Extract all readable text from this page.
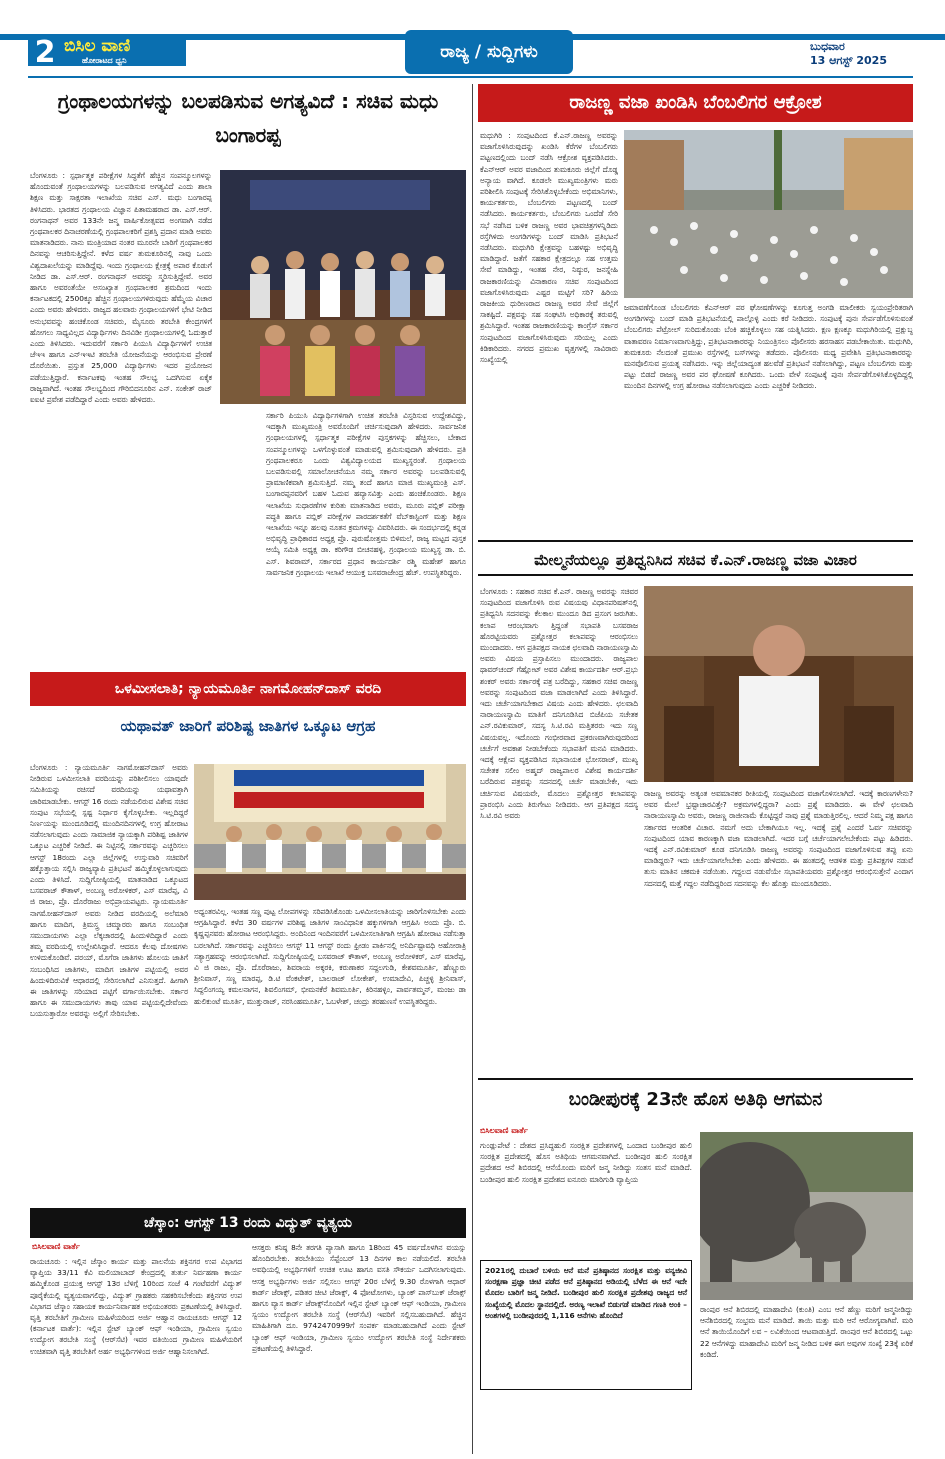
2 ಬಿಸಿಲ ವಾಣಿ
ಹೋರಾಟದ ಧ್ವನಿ	ರಾಜ್ಯ / ಸುದ್ದಿಗಳು	ಬುಧವಾರ
13 ಆಗಸ್ಟ್ 2025
ಗ್ರಂಥಾಲಯಗಳನ್ನು ಬಲಪಡಿಸುವ ಅಗತ್ಯವಿದೆ : ಸಚಿವ ಮಧು ಬಂಗಾರಪ್ಪ
ಬೆಂಗಳೂರು : ಸ್ಪರ್ಧಾತ್ಮಕ ಪರೀಕ್ಷೆಗಳ ಸಿದ್ಧತೆಗೆ ಹೆಚ್ಚಿನ ಸಂಪನ್ಮೂಲಗಳನ್ನು ಹೊಂದುವಂತೆ ಗ್ರಂಥಾಲಯಗಳನ್ನು ಬಲಪಡಿಸುವ ಅಗತ್ಯವಿದೆ ಎಂದು ಶಾಲಾ ಶಿಕ್ಷಣ ಮತ್ತು ಸಾಕ್ಷರತಾ ಇಲಾಖೆಯ ಸಚಿವ ಎಸ್. ಮಧು ಬಂಗಾರಪ್ಪ ತಿಳಿಸಿದರು. ಭಾರತದ ಗ್ರಂಥಾಲಯ ವಿಜ್ಞಾನ ಪಿತಾಮಹರಾದ ಡಾ. ಎಸ್.ಆರ್. ರಂಗನಾಥನ್ ಅವರ 133ನೇ ಜನ್ಮ ವಾರ್ಷಿಕೋತ್ಸವದ ಅಂಗವಾಗಿ ನಡೆದ ಗ್ರಂಥಪಾಲಕರ ದಿನಾಚರಣೆಯಲ್ಲಿ ಗ್ರಂಥಪಾಲಕರಿಗೆ ಪ್ರಶಸ್ತಿ ಪ್ರದಾನ ಮಾಡಿ ಅವರು ಮಾತನಾಡಿದರು. ನಾನು ಮಂತ್ರಿಯಾದ ನಂತರ ಮೂರನೇ ಬಾರಿಗೆ ಗ್ರಂಥಪಾಲಕರ ದಿನವನ್ನು ಆಚರಿಸುತ್ತಿದ್ದೇನೆ. ಕಳೆದ ವರ್ಷ ತುಮಕೂರಿನಲ್ಲಿ ನಾವು ಒಂದು ವಿಶ್ವದಾಖಲೆಯನ್ನು ಮಾಡಿದ್ದೆವು. ಇಂದು ಗ್ರಂಥಾಲಯ ಕ್ಷೇತ್ರಕ್ಕೆ ಅಪಾರ ಕೊಡುಗೆ ನೀಡಿದ ಡಾ. ಎಸ್.ಆರ್. ರಂಗನಾಥನ್ ಅವರನ್ನು ಸ್ಮರಿಸುತ್ತಿದ್ದೇವೆ. ಅವರ ಹಾಗೂ ಅವರಂತೆಯೇ ಅಸಂಖ್ಯಾತ ಗ್ರಂಥಪಾಲಕರ ಶ್ರಮದಿಂದ ಇಂದು ಕರ್ನಾಟಕದಲ್ಲಿ 2500ಕ್ಕೂ ಹೆಚ್ಚಿನ ಗ್ರಂಥಾಲಯಗಳಿರುವುದು ಹೆಮ್ಮೆಯ ವಿಚಾರ ಎಂದು ಅವರು ಹೇಳಿದರು. ರಾಜ್ಯದ ಹಲವಾರು ಗ್ರಂಥಾಲಯಗಳಿಗೆ ಭೇಟಿ ನೀಡಿದ ಅನುಭವವನ್ನು ಹಂಚಿಕೊಂಡ ಸಚಿವರು, ಮೈಸೂರು ತರಬೇತಿ ಕೇಂದ್ರಗಳಿಗೆ ಹೋಗಲು ಸಾಧ್ಯವಿಲ್ಲದ ವಿದ್ಯಾರ್ಥಿಗಳು ದಿನವಿಡೀ ಗ್ರಂಥಾಲಯಗಳಲ್ಲಿ ಓದುತ್ತಾರೆ ಎಂದು ತಿಳಿಸಿದರು. ಇದುವರೆಗೆ ಸರ್ಕಾರಿ ಪಿಯುಸಿ ವಿದ್ಯಾರ್ಥಿಗಳಿಗೆ ಉಚಿತ ಜೆಇಇ ಹಾಗೂ ಎನ್‌ಇಇಟಿ ತರಬೇತಿ ಯೋಜನೆಯನ್ನು ಆರಂಭಿಸುವ ಪ್ರೇರಣೆ ದೊರೆಯಿತು. ಪ್ರಸ್ತುತ 25,000 ವಿದ್ಯಾರ್ಥಿಗಳು ಇದರ ಪ್ರಯೋಜನ ಪಡೆಯುತ್ತಿದ್ದಾರೆ. ಕರ್ನಾಟಕವು ಇಂತಹ ಸೌಲಭ್ಯ ಒದಗಿಸುವ ಏಕೈಕ ರಾಜ್ಯವಾಗಿದೆ. ಇಂತಹ ಸೌಲಭ್ಯದಿಂದ ಗೌರಿಬಿದನೂರಿನ ಎನ್. ಸಂಕೇತ್ ರಾಜ್ ಐಐಟಿ ಪ್ರವೇಶ ಪಡೆದಿದ್ದಾರೆ ಎಂದು ಅವರು ಹೇಳಿದರು.
ಸರ್ಕಾರಿ ಪಿಯುಸಿ ವಿದ್ಯಾರ್ಥಿಗಳಿಗಾಗಿ ಉಚಿತ ತರಬೇತಿ ವಿಸ್ತರಿಸುವ ಉದ್ದೇಶವಿದ್ದು, ಇದಕ್ಕಾಗಿ ಮುಖ್ಯಮಂತ್ರಿ ಅವರೊಂದಿಗೆ ಚರ್ಚಿಸುವುದಾಗಿ ಹೇಳಿದರು. ಸಾರ್ವಜನಿಕ ಗ್ರಂಥಾಲಯಗಳಲ್ಲಿ ಸ್ಪರ್ಧಾತ್ಮಕ ಪರೀಕ್ಷೆಗಳ ಪುಸ್ತಕಗಳನ್ನು ಹೆಚ್ಚಿಸಲು, ಬೇಕಾದ ಸಂಪನ್ಮೂಲಗಳನ್ನು ಒಳಗೊಳ್ಳುವಂತೆ ಮಾಡುವಲ್ಲಿ ಶ್ರಮಿಸುವುದಾಗಿ ಹೇಳಿದರು. ಪ್ರತಿ ಗ್ರಂಥಪಾಲಕರೂ ಒಂದು ವಿಶ್ವವಿದ್ಯಾಲಯದ ಮುಖ್ಯಸ್ಥರಂತೆ. ಗ್ರಂಥಾಲಯ ಬಲಪಡಿಸುವಲ್ಲಿ ಸಮಾಲೋಚನೆಯೂ ನಮ್ಮ ಸರ್ಕಾರ ಅವರನ್ನು ಬಲಪಡಿಸುವಲ್ಲಿ ಪ್ರಾಮಾಣಿಕವಾಗಿ ಶ್ರಮಿಸುತ್ತಿದೆ. ನಮ್ಮ ತಂದೆ ಹಾಗೂ ಮಾಜಿ ಮುಖ್ಯಮಂತ್ರಿ ಎಸ್. ಬಂಗಾರಪ್ಪನವರಿಗೆ ಬಹಳ ಓದುವ ಹವ್ಯಾಸವಿತ್ತು ಎಂದು ಹಂಚಿಕೊಂಡರು. ಶಿಕ್ಷಣ ಇಲಾಖೆಯ ಸುಧಾರಣೆಗಳ ಕುರಿತು ಮಾತನಾಡಿದ ಅವರು, ಮೂರು ಪಬ್ಲಿಕ್ ಪರೀಕ್ಷಾ ಪದ್ಧತಿ ಹಾಗೂ ಪಬ್ಲಿಕ್ ಪರೀಕ್ಷೆಗಳ ಪಾರದರ್ಶಕತೆಗೆ ವೆಬ್‌ಕಾಸ್ಟಿಂಗ್ ಮತ್ತು ಶಿಕ್ಷಣ ಇಲಾಖೆಯ ಇನ್ನೂ ಹಲವು ನೂತನ ಕ್ರಮಗಳನ್ನು ವಿವರಿಸಿದರು. ಈ ಸಂದರ್ಭದಲ್ಲಿ ಕನ್ನಡ ಅಭಿವೃದ್ಧಿ ಪ್ರಾಧಿಕಾರದ ಅಧ್ಯಕ್ಷ ಪ್ರೊ. ಪುರುಷೋತ್ತಮ ಬಿಳಿಮಲೆ, ರಾಜ್ಯ ಮಟ್ಟದ ಪುಸ್ತಕ ಆಯ್ಕೆ ಸಮಿತಿ ಅಧ್ಯಕ್ಷ ಡಾ. ಕರಿಗೌಡ ಬೀಚನಹಳ್ಳಿ, ಗ್ರಂಥಾಲಯ ಮುಖ್ಯಸ್ಥ ಡಾ. ಬಿ. ಎಸ್. ಶಿವರಾಮ್, ಸರ್ಕಾರದ ಪ್ರಧಾನ ಕಾರ್ಯದರ್ಶಿ ರಶ್ಮಿ ಮಹೇಶ್ ಹಾಗೂ ಸಾರ್ವಜನಿಕ ಗ್ರಂಥಾಲಯ ಇಲಾಖೆ ಆಯುಕ್ತ ಬಸವರಾಜೇಂದ್ರ ಹೆಚ್. ಉಪಸ್ಥಿತರಿದ್ದರು.
ರಾಜಣ್ಣ ವಜಾ ಖಂಡಿಸಿ ಬೆಂಬಲಿಗರ ಆಕ್ರೋಶ
ಮಧುಗಿರಿ : ಸಂಪುಟದಿಂದ ಕೆ.ಎನ್.ರಾಜಣ್ಣ ಅವರನ್ನು ವಜಾಗೊಳಿಸಿರುವುದನ್ನು ಖಂಡಿಸಿ ಕೆರೆಗಳ ಬೆಂಬಲಿಗರು ಪಟ್ಟಣದಲ್ಲಿಂದು ಬಂದ್ ನಡೆಸಿ ಆಕ್ರೋಶ ವ್ಯಕ್ತಪಡಿಸಿದರು. ಕೆಎನ್‌ಆರ್ ಅವರ ವಜಾದಿಂದ ತುಮಕೂರು ಜಿಲ್ಲೆಗೆ ದೊಡ್ಡ ಅನ್ಯಾಯ ವಾಗಿದೆ. ಕೂಡಲೇ ಮುಖ್ಯಮಂತ್ರಿಗಳು ಮರು ಪರಿಶೀಲಿಸಿ ಸಂಪುಟಕ್ಕೆ ಸೇರಿಸಿಕೊಳ್ಳಬೇಕೆಂದು ಅಭಿಮಾನಿಗಳು, ಕಾರ್ಯಕರ್ತರು, ಬೆಂಬಲಿಗರು ಪಟ್ಟಣದಲ್ಲಿ ಬಂದ್ ನಡೆಸಿದರು. ಕಾರ್ಯಕರ್ತರು, ಬೆಂಬಲಿಗರು ಒಂದೆಡೆ ಸೇರಿ ಸಭೆ ನಡೆಸಿದ ಬಳಿಕ ರಾಜಣ್ಣ ಅವರ ಭಾವಚಿತ್ರಗಳನ್ನಿಡಿದು ರಸ್ತೆಗಿಳಿದು ಅಂಗಡಿಗಳನ್ನು ಬಂದ್ ಮಾಡಿಸಿ ಪ್ರತಿಭಟನೆ ನಡೆಸಿದರು. ಮಧುಗಿರಿ ಕ್ಷೇತ್ರವನ್ನು ಬಹಳಷ್ಟು ಅಭಿವೃದ್ಧಿ ಮಾಡಿದ್ದಾರೆ. ಜತೆಗೆ ಸಹಕಾರ ಕ್ಷೇತ್ರದಲ್ಲೂ ಸಹ ಉತ್ತಮ ಸೇವೆ ಮಾಡಿದ್ದು, ಇಂತಹ ನೇರ, ನಿಷ್ಠುರ, ಜನಸ್ನೇಹಿ ರಾಜಕಾರಣಿಯನ್ನು ವಿನಾಕಾರಣ ಸಚಿವ ಸಂಪುಟದಿಂದ ವಜಾಗೊಳಿಸಿರುವುದು ಎಷ್ಟರ ಮಟ್ಟಿಗೆ ಸರಿ? ಹಿರಿಯ ರಾಜಕೀಯ ಧುರೀಣರಾದ ರಾಜಣ್ಣ ಅವರ ಸೇವೆ ಜಿಲ್ಲೆಗೆ ಸಾಕಷ್ಟಿದೆ. ಪಕ್ಷವನ್ನು ಸಹ ಸಂಘಟಿಸಿ ಅಧಿಕಾರಕ್ಕೆ ತರುವಲ್ಲಿ ಶ್ರಮಿಸಿದ್ದಾರೆ. ಇಂತಹ ರಾಜಕಾರಣಿಯನ್ನು ಕಾಂಗ್ರೆಸ್ ಸರ್ಕಾರ ಸಂಪುಟದಿಂದ ವಜಾಗೊಳಿಸಿರುವುದು ಸರಿಯಲ್ಲ ಎಂದು ಕಿಡಿಕಾರಿದರು. ನಗರದ ಪ್ರಮುಖ ವೃತ್ತಗಳಲ್ಲಿ ಸಾವಿರಾರು ಸಂಖ್ಯೆಯಲ್ಲಿ
ಜಮಾವಣೆಗೊಂಡ ಬೆಂಬಲಿಗರು ಕೆಎನ್‌ಆರ್ ಪರ ಘೋಷಣೆಗಳನ್ನು ಕೂಗುತ್ತ ಅಂಗಡಿ ಮಾಲೀಕರು ಸ್ವಯಂಪ್ರೇರಿತರಾಗಿ ಅಂಗಡಿಗಳನ್ನು ಬಂದ್ ಮಾಡಿ ಪ್ರತಿಭಟನೆಯಲ್ಲಿ ಪಾಲ್ಗೊಳ್ಳಿ ಎಂದು ಕರೆ ನೀಡಿದರು. ಸಂಪುಟಕ್ಕೆ ಪುನಃ ಸೇರ್ಪಡೆಗೊಳಿಸುವಂತೆ ಬೆಂಬಲಿಗರು ಪೆಟ್ರೋಲ್ ಸುರಿದುಕೊಂಡು ಬೆಂಕಿ ಹಚ್ಚಿಕೊಳ್ಳಲು ಸಹ ಯತ್ನಿಸಿದರು. ಕ್ಷಣ ಕ್ಷಣಕ್ಕೂ ಮಧುಗಿರಿಯಲ್ಲಿ ಪ್ರಕ್ಷುಬ್ಧ ವಾತಾವರಣ ನಿರ್ಮಾಣವಾಗುತ್ತಿದ್ದು, ಪ್ರತಿಭಟನಾಕಾರರನ್ನು ನಿಯಂತ್ರಿಸಲು ಪೊಲೀಸರು ಹರಸಾಹಸ ಪಡಬೇಕಾಯಿತು. ಮಧುಗಿರಿ, ತುಮಕೂರು ನೆಲದಂತೆ ಪ್ರಮುಖ ರಸ್ತೆಗಳಲ್ಲಿ ಬಸ್‌ಗಳನ್ನು ತಡೆದರು. ಪೊಲೀಸರು ಮಧ್ಯ ಪ್ರವೇಶಿಸಿ ಪ್ರತಿಭಟನಾಕಾರರನ್ನು ಮನವೊಲಿಸುವ ಪ್ರಯತ್ನ ನಡೆಸಿದರು. ಇನ್ನು ಜಿಲ್ಲೆಯಾದ್ಯಂತ ಹಲವೆಡೆ ಪ್ರತಿಭಟನೆ ನಡೆಸಲಾಗಿದ್ದು, ಪಟ್ಟಣ ಬೆಂಬಲಿಗರು ಮತ್ತು ಪಟ್ಟು ಬಿಡದೆ ರಾಜಣ್ಣ ಅವರ ಪರ ಘೋಷಣೆ ಕೂಗಿದರು. ಒಂದು ವೇಳೆ ಸಂಪುಟಕ್ಕೆ ಪುನಃ ಸೇರ್ಪಡೆಗೊಳಿಸಿಕೊಳ್ಳದಿದ್ದಲ್ಲಿ ಮುಂದಿನ ದಿನಗಳಲ್ಲಿ ಉಗ್ರ ಹೋರಾಟ ನಡೆಸಲಾಗುವುದು ಎಂದು ಎಚ್ಚರಿಕೆ ನೀಡಿದರು.
ಮೇಲ್ಮನೆಯಲ್ಲೂ ಪ್ರತಿಧ್ವನಿಸಿದ ಸಚಿವ ಕೆ.ಎನ್.ರಾಜಣ್ಣ ವಜಾ ವಿಚಾರ
ಬೆಂಗಳೂರು : ಸಹಕಾರ ಸಚಿವ ಕೆ.ಎನ್. ರಾಜಣ್ಣ ಅವರನ್ನು ಸಚಿವರ ಸಂಪುಟದಿಂದ ವಜಾಗೊಳಿಸಿ ರುವ ವಿಷಯವು ವಿಧಾನಪರಿಷತ್‌ನಲ್ಲಿ ಪ್ರತಿಧ್ವನಿಸಿ ಸದನವನ್ನು ಕೆಲಕಾಲ ಮುಂದೂ ಡಿದ ಪ್ರಸಂಗ ಜರುಗಿತು. ಕಲಾಪ ಆರಂಭವಾಗು ತ್ತಿದ್ದಂತೆ ಸಭಾಪತಿ ಬಸವರಾಜ ಹೊರಟ್ಟಿಯವರು ಪ್ರಶ್ನೋತ್ತರ ಕಲಾಪವನ್ನು ಆರಂಭಿಸಲು ಮುಂದಾದರು. ಆಗ ಪ್ರತಿಪಕ್ಷದ ನಾಯಕ ಛಲವಾದಿ ನಾರಾಯಣಸ್ವಾಮಿ ಅವರು ವಿಷಯ ಪ್ರಸ್ತಾಪಿಸಲು ಮುಂದಾದರು. ರಾಜ್ಯಪಾಲ ಥಾವರ್‌ಚಂದ್ ಗೆಹ್ಲೋಟ್ ಅವರ ವಿಶೇಷ ಕಾರ್ಯದರ್ಶಿ ಆರ್.ಪ್ರಭು ಶಂಕರ್ ಅವರು ಸರ್ಕಾರಕ್ಕೆ ಪತ್ರ ಬರೆದಿದ್ದು, ಸಹಕಾರ ಸಚಿವ ರಾಜಣ್ಣ ಅವರನ್ನು ಸಂಪುಟದಿಂದ ವಜಾ ಮಾಡಲಾಗಿದೆ ಎಂದು ತಿಳಿಸಿದ್ದಾರೆ. ಇದು ಚರ್ಚೆಯಾಗಬೇಕಾದ ವಿಷಯ ಎಂದು ಹೇಳಿದರು. ಛಲವಾದಿ ನಾರಾಯಣಸ್ವಾಮಿ ಮಾತಿಗೆ ದನಿಗೂಡಿಸಿದ ಬಿಜೆಪಿಯ ಸಚೇತಕ ಎನ್.ರವಿಕುಮಾರ್, ಸದಸ್ಯ ಸಿ.ಟಿ.ರವಿ ಮತ್ತಿತರರು ಇದು ಸಣ್ಣ ವಿಷಯವಲ್ಲ. ಇದೊಂದು ಗಂಭೀರವಾದ ಪ್ರಕರಣವಾಗಿರುವುದರಿಂದ ಚರ್ಚೆಗೆ ಅವಕಾಶ ನೀಡಬೇಕೆಂದು ಸಭಾಪತಿಗೆ ಮನವಿ ಮಾಡಿದರು. ಇದಕ್ಕೆ ಆಕ್ಷೇಪ ವ್ಯಕ್ತಪಡಿಸಿದ ಸಭಾನಾಯಕ ಭೋಸರಾಜ್, ಮುಖ್ಯ ಸಚೇತಕ ಸಲೀಂ ಅಹ್ಮದ್ ರಾಜ್ಯಪಾಲರ ವಿಶೇಷ ಕಾರ್ಯದರ್ಶಿ ಬರೆದಿರುವ ಪತ್ರವನ್ನು ಸದನದಲ್ಲಿ ಚರ್ಚೆ ಮಾಡಬೇಕೇ, ಇದು ಚರ್ಚಿಸುವ ವಿಷಯವೇ, ಮೊದಲು ಪ್ರಶ್ನೋತ್ತರ ಕಲಾಪವನ್ನು ಪ್ರಾರಂಭಿಸಿ ಎಂದು ತಿರುಗೇಟು ನೀಡಿದರು. ಆಗ ಪ್ರತಿಪಕ್ಷದ ಸದಸ್ಯ ಸಿ.ಟಿ.ರವಿ ಅವರು
ರಾಜಣ್ಣ ಅವರನ್ನು ಅತ್ಯಂತ ಅವಮಾನಕರ ರೀತಿಯಲ್ಲಿ ಸಂಪುಟದಿಂದ ವಜಾಗೊಳಿಸಲಾಗಿದೆ. ಇದಕ್ಕೆ ಕಾರಣಗಳೇನು? ಅವರ ಮೇಲೆ ಭ್ರಷ್ಟಾಚಾರವಿತ್ತೇ? ಅಕ್ರಮಗಳಲ್ಲಿದ್ದರಾ? ಎಂದು ಪ್ರಶ್ನೆ ಮಾಡಿದರು. ಈ ವೇಳೆ ಛಲವಾದಿ ನಾರಾಯಣಸ್ವಾಮಿ ಅವರು, ರಾಜಣ್ಣ ರಾಜೀನಾಮೆ ಕೊಟ್ಟಿದ್ದರೆ ನಾವು ಪ್ರಶ್ನೆ ಮಾಡುತ್ತಿರಲಿಲ್ಲ. ಆದರೆ ನಿಮ್ಮ ಪಕ್ಷ ಹಾಗೂ ಸರ್ಕಾರದ ಆಂತರಿಕ ವಿಚಾರ. ನಮಗೆ ಅದು ಬೇಕಾಗಿಯೂ ಇಲ್ಲ. ಇದಕ್ಕೆ ಪ್ರಶ್ನೆ ಎಂದರೆ ಓರ್ವ ಸಚಿವರನ್ನು ಸಂಪುಟದಿಂದ ಯಾವ ಕಾರಣಕ್ಕಾಗಿ ವಜಾ ಮಾಡಲಾಗಿದೆ. ಇದರ ಬಗ್ಗೆ ಚರ್ಚೆಯಾಗಲೇಬೇಕೆಂದು ಪಟ್ಟು ಹಿಡಿದರು. ಇದಕ್ಕೆ ಎನ್.ರವಿಕುಮಾರ್ ಕೂಡ ದನಿಗೂಡಿಸಿ ರಾಜಣ್ಣ ಅವರನ್ನು ಸಂಪುಟದಿಂದ ವಜಾಗೊಳಿಸುವ ತಪ್ಪು ಏನು ಮಾಡಿದ್ದರು? ಇದು ಚರ್ಚೆಯಾಗಲೇಬೇಕು ಎಂದು ಹೇಳಿದರು. ಈ ಹಂತದಲ್ಲಿ ಆಡಳಿತ ಮತ್ತು ಪ್ರತಿಪಕ್ಷಗಳ ನಡುವೆ ತುಸು ಮಾತಿನ ಚಕಮಕಿ ನಡೆಯಿತು. ಗದ್ದಲದ ನಡುವೆಯೇ ಸಭಾಪತಿಯವರು ಪ್ರಶ್ನೋತ್ತರ ಆರಂಭಿಸುತ್ತೇನೆ ಎಂದಾಗ ಸದನದಲ್ಲಿ ಮತ್ತೆ ಗದ್ದಲ ನಡೆದಿದ್ದರಿಂದ ಸದನವನ್ನು ಕೆಲ ಹೊತ್ತು ಮುಂದೂಡಿದರು.
ಒಳಮೀಸಲಾತಿ; ನ್ಯಾಯಮೂರ್ತಿ ನಾಗಮೋಹನ್‌ದಾಸ್ ವರದಿ
ಯಥಾವತ್ ಜಾರಿಗೆ ಪರಿಶಿಷ್ಟ ಜಾತಿಗಳ ಒಕ್ಕೂಟ ಆಗ್ರಹ
ಬೆಂಗಳೂರು : ನ್ಯಾಯಮೂರ್ತಿ ನಾಗಮೋಹನ್‌ದಾಸ್ ಅವರು ನೀಡಿರುವ ಒಳಮೀಸಲಾತಿ ವರದಿಯನ್ನು ಪರಿಶೀಲಿಸಲು ಯಾವುದೇ ಸಮಿತಿಯನ್ನು ರಚಿಸದೆ ವರದಿಯನ್ನು ಯಥಾವತ್ತಾಗಿ ಜಾರಿಮಾಡಬೇಕು. ಆಗಸ್ಟ್ 16 ರಂದು ನಡೆಯಲಿರುವ ವಿಶೇಷ ಸಚಿವ ಸಂಪುಟ ಸಭೆಯಲ್ಲಿ ಸ್ಪಷ್ಟ ನಿರ್ಧಾರ ಕೈಗೊಳ್ಳಬೇಕು. ಇಲ್ಲದಿದ್ದರೆ ನಿರ್ಣಯನ್ನು ಮುಂದೂಡಿದಲ್ಲಿ ಮುಂದಿನದಿನಗಳಲ್ಲಿ ಉಗ್ರ ಹೋರಾಟ ನಡೆಸಲಾಗುವುದು ಎಂದು ಸಾಮಾಜಿಕ ನ್ಯಾಯಕ್ಕಾಗಿ ಪರಿಶಿಷ್ಟ ಜಾತಿಗಳ ಒಕ್ಕೂಟ ಎಚ್ಚರಿಕೆ ನೀಡಿದೆ. ಈ ನಿಟ್ಟಿನಲ್ಲಿ ಸರ್ಕಾರವನ್ನು ಎಚ್ಚರಿಸಲು ಆಗಸ್ಟ್ 18ರಂದು ಎಲ್ಲಾ ಜಿಲ್ಲೆಗಳಲ್ಲಿ ಉಸ್ತುವಾರಿ ಸಚಿವರಿಗೆ ಹಕ್ಕೊತ್ತಾಯ ಸಲ್ಲಿಸಿ ರಾಜ್ಯವ್ಯಾಪಿ ಪ್ರತಿಭಟನೆ ಹಮ್ಮಿಕೊಳ್ಳಲಾಗುವುದು ಎಂದು ತಿಳಿಸಿದೆ. ಸುದ್ದಿಗೋಷ್ಠಿಯಲ್ಲಿ ಮಾತನಾಡಿದ ಒಕ್ಕೂಟದ ಬಸವರಾಜ್ ಕೌತಾಳ್, ಅಂಬಣ್ಣ ಅರೋಳಿಕರ್, ಎಸ್ ಮಾರೆಪ್ಪ, ವಿ ಜಿ ರಾಜು, ಪ್ರೊ. ದೊರೆರಾಜು ಅಭಿಪ್ರಾಯಪಟ್ಟರು. ನ್ಯಾಯಮೂರ್ತಿ ನಾಗಮೋಹನ್‌ದಾಸ್ ಅವರು ನೀಡಿದ ವರದಿಯಲ್ಲಿ ಅಲೆಮಾರಿ ಹಾಗೂ ಮಾದಿಗ, ತ್ರಿಮಸ್ತ್ರ ಚಮ್ಮಾರರು ಹಾಗೂ ಸಂಬಂಧಿತ ಸಮುದಾಯಗಳು ಎಲ್ಲಾ ಲೆಕ್ಕಚಾರದಲ್ಲಿ ಹಿಂದುಳಿದಿದ್ದಾರೆ ಎಂದು ತಮ್ಮ ವರದಿಯಲ್ಲಿ ಉಲ್ಲೇಖಿಸಿದ್ದಾರೆ. ಆದರೂ ಕೆಲವು ದೋಷಗಳು ಉಳಿದುಕೊಂಡಿವೆ. ಪರಯ್, ಮೊಗೆರಾ ಜಾತಿಗಳು ಹೊಲಯ ಜಾತಿಗೆ ಸಂಬಂಧಿಸಿದ ಜಾತಿಗಳು, ಮಾದಿಗ ಜಾತಿಗಳ ಪಟ್ಟಿಯಲ್ಲಿ ಅವರ ಹಿಂದುಳಿದಿರುವಿಕೆ ಆಧಾರದಲ್ಲಿ ಸೇರಿಸಲಾಗಿದೆ ಎನಿಸುತ್ತದೆ. ಹೀಗಾಗಿ ಈ ಜಾತಿಗಳನ್ನು ಸರಿಯಾದ ಪಟ್ಟಿಗೆ ವರ್ಗಾಯಿಸಬೇಕು. ಸರ್ಕಾರ ಹಾಗೂ ಈ ಸಮುದಾಯಗಳು ತಾವು ಯಾವ ಪಟ್ಟಿಯಲ್ಲಿದೇವೆಂದು ಬಯಸುತ್ತಾರೋ ಅವರನ್ನು ಅಲ್ಲಿಗೆ ಸೇರಿಸಬೇಕು.
ಅಧ್ಯಂತರವಿಲ್ಲ. ಇಂತಹ ಸಣ್ಣ ಪುಟ್ಟ ಲೋಪಗಳನ್ನು ಸರಿಪಡಿಸಿಕೊಂಡು ಒಳಮೀಸಲಾತಿಯನ್ನು ಜಾರಿಗೊಳಿಸಬೇಕು ಎಂದು ಆಗ್ರಹಿಸಿದ್ದಾರೆ. ಕಳೆದ 30 ವರ್ಷಗಳ ಪರಿಶಿಷ್ಟ ಜಾತಿಗಳ ಸಾಂವಿಧಾನಿಕ ಹಕ್ಕುಗಳಿಗಾಗಿ ಆಗ್ರಹಿಸಿ ಅಂದು ಪ್ರೊ. ಬಿ. ಕೃಷ್ಣಪ್ಪನವರು ಹೋರಾಟ ಆರಂಭಿಸಿದ್ದರು. ಅಂದಿನಿಂದ ಇಂದಿನವರೆಗೆ ಒಳಮೀಸಲಾತಿಗಾಗಿ ಆಗ್ರಹಿಸಿ ಹೋರಾಟ ನಡೆಸುತ್ತಾ ಬರಲಾಗಿದೆ. ಸರ್ಕಾರವನ್ನು ಎಚ್ಚರಿಸಲು ಆಗಸ್ಟ್ 11 ಆಗಸ್ಟ್ ರಂದು ಫ್ರೀಡಂ ಪಾರ್ಕಿನಲ್ಲಿ ಅನಿರ್ದಿಷ್ಟಾವಧಿ ಅಹೋರಾತ್ರಿ ಸತ್ಯಾಗ್ರಹವನ್ನು ಆರಂಭಿಸಲಾಗಿದೆ. ಸುದ್ದಿಗೋಷ್ಠಿಯಲ್ಲಿ ಬಸವರಾಜ್ ಕೌತಾಳ್, ಅಂಬಣ್ಣ ಅರೋಳಿಕರ್, ಎಸ್ ಮಾರೆಪ್ಪ, ವಿ ಜಿ ರಾಜು, ಪ್ರೊ. ದೊರೆರಾಜು, ಶಿವರಾಯ ಅಕ್ಕರಕಿ, ಕರುಣಾಕರ ಸದ್ದಲಗುಡಿ, ಕೇಶವಮೂರ್ತಿ, ಹೆಣ್ಣೂರು ಶ್ರೀನಿವಾಸ್, ಸಣ್ಣ ಮಾರಪ್ಪ, ಡಿ.ಟಿ ವೆಂಕಟೇಶ್, ಬಾಲರಾಜ್ ಲೋಕೇಶ್, ಉಮಾದೇವಿ, ಪಿಚ್ಚಳ್ಳಿ ಶ್ರೀನಿವಾಸ್, ಸಿದ್ದಲಿಂಗಯ್ಯ ಕಮಲನಾಗನ, ಶಿವಲಿಂಗಮ್, ಭೀಮನಕೆರೆ ಶಿವಮೂರ್ತಿ, ಕಿರಿನಹಳ್ಳಿಂ, ಪಾರ್ವತಮ್ಮನ್, ಮಂಜು ಡಾ ಹುಲಿಕುಂಟೆ ಮೂರ್ತಿ, ಮುತ್ತುರಾಜ್, ನರಸಿಂಹಮೂರ್ತಿ, ಓಬಳೇಶ್, ಚಂದ್ರು ತರಹುಣಸೆ ಉಪಸ್ಥಿತರಿದ್ದರು.
ಚೆಸ್ಕಾಂ: ಆಗಸ್ಟ್ 13 ರಂದು ವಿದ್ಯುತ್ ವ್ಯತ್ಯಯ
ಬಿಸಿಲವಾಣಿ ವಾರ್ತೆ
ರಾಯಚೂರು : ಇಲ್ಲಿನ ಜೆಸ್ಕಾಂ ಕಾರ್ಯ ಮತ್ತು ಪಾಲನೆಯ ಶಕ್ತಿನಗರ ಉಪ ವಿಭಾಗದ ವ್ಯಾಪ್ತಿಯ 33/11 ಕೆವಿ ಮಲಿಯಾಬಾದ್ ಕೇಂದ್ರದಲ್ಲಿ ತುರ್ತು ನಿರ್ವಹಣಾ ಕಾರ್ಯ ಹಮ್ಮಿಕೊಂಡ ಪ್ರಯುಕ್ತ ಆಗಸ್ಟ್ 13ರ ಬೆಳಿಗ್ಗೆ 10ರಿಂದ ಸಂಜೆ 4 ಗಂಟೆವರೆಗೆ ವಿದ್ಯುತ್ ಪೂರೈಕೆಯಲ್ಲಿ ವ್ಯತ್ಯಯವಾಗಲಿದ್ದು, ವಿದ್ಯುತ್ ಗ್ರಾಹಕರು ಸಹಕರಿಸಬೇಕೆಂದು ಶಕ್ತಿನಗರ ಉಪ ವಿಭಾಗದ ಜೆಸ್ಕಾಂ ಸಹಾಯಕ ಕಾರ್ಯನಿರ್ವಾಹಕ ಅಭಿಯಂತರರು ಪ್ರಕಟಣೆಯಲ್ಲಿ ತಿಳಿಸಿದ್ದಾರೆ. ವೃತ್ತಿ ತರಬೇತಿಗೆ ಗ್ರಾಮೀಣ ಮಹಿಳೆಯರಿಂದ ಅರ್ಜಿ ಆಹ್ವಾನ ರಾಯಚೂರು ಆಗಸ್ಟ್ 12 (ಕರ್ನಾಟಕ ವಾರ್ತೆ): ಇಲ್ಲಿನ ಸ್ಟೇಟ್ ಬ್ಯಾಂಕ್ ಆಫ್ ಇಂಡಿಯಾ, ಗ್ರಾಮೀಣ ಸ್ವಯಂ ಉದ್ಯೋಗ ತರಬೇತಿ ಸಂಸ್ಥೆ (ಆರ್‌ಸೆಟಿ) ಇವರ ವತಿಯಿಂದ ಗ್ರಾಮೀಣ ಮಹಿಳೆಯರಿಗೆ ಉಚಿತವಾಗಿ ವೃತ್ತಿ ತರಬೇತಿಗೆ ಅರ್ಹ ಅಭ್ಯರ್ಥಿಗಳಿಂದ ಅರ್ಜಿ ಆಹ್ವಾನಿಸಲಾಗಿದೆ.
ಆಸಕ್ತರು ಕನಿಷ್ಠ 8ನೇ ತರಗತಿ ಪ್ಯಾಸಾಗಿ ಹಾಗೂ 18ರಿಂದ 45 ವರ್ಷದೊಳಗಿನ ವಯಸ್ಸು ಹೊಂದಿರಬೇಕು. ತರಬೇತಿಯು ಸೆಪ್ಟೆಂಬರ್ 13 ದಿನಗಳ ಕಾಲ ನಡೆಯಲಿದೆ. ತರಬೇತಿ ಅವಧಿಯಲ್ಲಿ ಅಭ್ಯರ್ಥಿಗಳಿಗೆ ಉಚಿತ ಊಟ ಹಾಗೂ ವಸತಿ ಸೌಕರ್ಯ ಒದಗಿಸಲಾಗುವುದು. ಆಸಕ್ತ ಅಭ್ಯರ್ಥಿಗಳು ಅರ್ಜಿ ಸಲ್ಲಿಸಲು ಆಗಸ್ಟ್ 20ರ ಬೆಳಿಗ್ಗೆ 9.30 ರೊಳಗಾಗಿ ಆಧಾರ್ ಕಾರ್ಡ್ ಜೆರಾಕ್ಸ್, ಪಡಿತರ ಚೀಟಿ ಜೆರಾಕ್ಸ್, 4 ಫೋಟೋಗಳು, ಬ್ಯಾಂಕ್ ಪಾಸ್‌ಬುಕ್ ಜೆರಾಕ್ಸ್ ಹಾಗೂ ವ್ಯಾಸ ಕಾರ್ಡ್ ಜೆರಾಕ್ಸ್‌ನೊಂದಿಗೆ ಇಲ್ಲಿನ ಸ್ಟೇಟ್ ಬ್ಯಾಂಕ್ ಆಫ್ ಇಂಡಿಯಾ, ಗ್ರಾಮೀಣ ಸ್ವಯಂ ಉದ್ಯೋಗ ತರಬೇತಿ ಸಂಸ್ಥೆ (ಆರ್‌ಸೆಟಿ) ಇವರಿಗೆ ಸಲ್ಲಿಸಬಹುದಾಗಿದೆ. ಹೆಚ್ಚಿನ ಮಾಹಿತಿಗಾಗಿ ದೂ. 9742470999ಗೆ ಸಂಪರ್ಕ ಮಾಡಬಹುದಾಗಿದೆ ಎಂದು ಸ್ಟೇಟ್ ಬ್ಯಾಂಕ್ ಆಫ್ ಇಂಡಿಯಾ, ಗ್ರಾಮೀಣ ಸ್ವಯಂ ಉದ್ಯೋಗ ತರಬೇತಿ ಸಂಸ್ಥೆ ನಿರ್ದೇಶಕರು ಪ್ರಕಟಣೆಯಲ್ಲಿ ತಿಳಿಸಿದ್ದಾರೆ.
ಬಂಡೀಪುರಕ್ಕೆ 23ನೇ ಹೊಸ ಅತಿಥಿ ಆಗಮನ
ಬಿಸಿಲವಾಣಿ ವಾರ್ತೆ
ಗುಂಡ್ಲುಪೇಟೆ : ದೇಶದ ಪ್ರಸಿದ್ಧಹುಲಿ ಸಂರಕ್ಷಿತ ಪ್ರದೇಶಗಳಲ್ಲಿ ಒಂದಾದ ಬಂಡೀಪುರ ಹುಲಿ ಸಂರಕ್ಷಿತ ಪ್ರದೇಶದಲ್ಲಿ ಹೊಸ ಅತಿಥಿಯ ಆಗಮನವಾಗಿದೆ. ಬಂಡೀಪುರ ಹುಲಿ ಸಂರಕ್ಷಿತ ಪ್ರದೇಶದ ಆನೆ ಶಿಬಿರದಲ್ಲಿ ಆನೆಯೊಂದು ಮರಿಗೆ ಜನ್ಮ ನೀಡಿದ್ದು ಸಂತಸ ಮನೆ ಮಾಡಿದೆ. ಬಂಡೀಪುರ ಹುಲಿ ಸಂರಕ್ಷಿತ ಪ್ರದೇಶದ ಐನೂರು ಮಾರಿಗುಡಿ ವ್ಯಾಪ್ತಿಯ
2021ರಲ್ಲಿ ದುಬಾರೆ ಬಳಿಯ ಆನೆ ಮನೆ ಪ್ರತಿಷ್ಠಾನದ ಸಂರಕ್ಷಿತ ಮತ್ತು ವನ್ಯಜೀವಿ ಸಂರಕ್ಷಣಾ ಪ್ರಜ್ಞಾ ಚೀಟಿ ಪಡೆದ ಆನೆ ಪ್ರತಿಷ್ಠಾನದ ಅಡಿಯಲ್ಲಿ ಬೆಳೆದ ಈ ಆನೆ ಇದೇ ಮೊದಲ ಬಾರಿಗೆ ಜನ್ಮ ನೀಡಿದೆ. ಬಂಡೀಪುರ ಹುಲಿ ಸಂರಕ್ಷಿತ ಪ್ರದೇಶವು ರಾಜ್ಯದ ಆನೆ ಸಂಖ್ಯೆಯಲ್ಲಿ ಮೊದಲ ಸ್ಥಾನದಲ್ಲಿದೆ. ಅರಣ್ಯ ಇಲಾಖೆ ಬಿಡುಗಡೆ ಮಾಡಿದ ಗಣತಿ ಅಂಕಿ – ಅಂಶಗಳಲ್ಲಿ ಬಂಡೀಪುರದಲ್ಲಿ 1,116 ಆನೆಗಳು ಹೊಂದಿದೆ
ರಾಂಪುರ ಆನೆ ಶಿಬಿರದಲ್ಲಿ ಮಾಹಾದೇವಿ (ಕುಂತಿ) ಎಂಬ ಆನೆ ಹೆಣ್ಣು ಮರಿಗೆ ಜನ್ಮನೀಡಿದ್ದು ಆನೆಶಿಬಿರದಲ್ಲಿ ಸಂಭ್ರಮ ಮನೆ ಮಾಡಿದೆ. ತಾಯಿ ಮತ್ತು ಮರಿ ಆನೆ ಆರೋಗ್ಯವಾಗಿವೆ. ಮರಿ ಆನೆ ತಾಯಿಯೊಂದಿಗೆ ಲವ – ಲವಿಕೆಯಿಂದ ಆಟವಾಡುತ್ತಿದೆ. ರಾಂಪುರ ಆನೆ ಶಿಬಿರದಲ್ಲಿ ಒಟ್ಟು 22 ಆನೆಗಳಿದ್ದು ಮಾಹಾದೇವಿ ಮರಿಗೆ ಜನ್ಮ ನೀಡಿದ ಬಳಿಕ ಈಗ ಅವುಗಳ ಸಂಖ್ಯೆ 23ಕ್ಕೆ ಏರಿಕೆ ಕಂಡಿದೆ.
